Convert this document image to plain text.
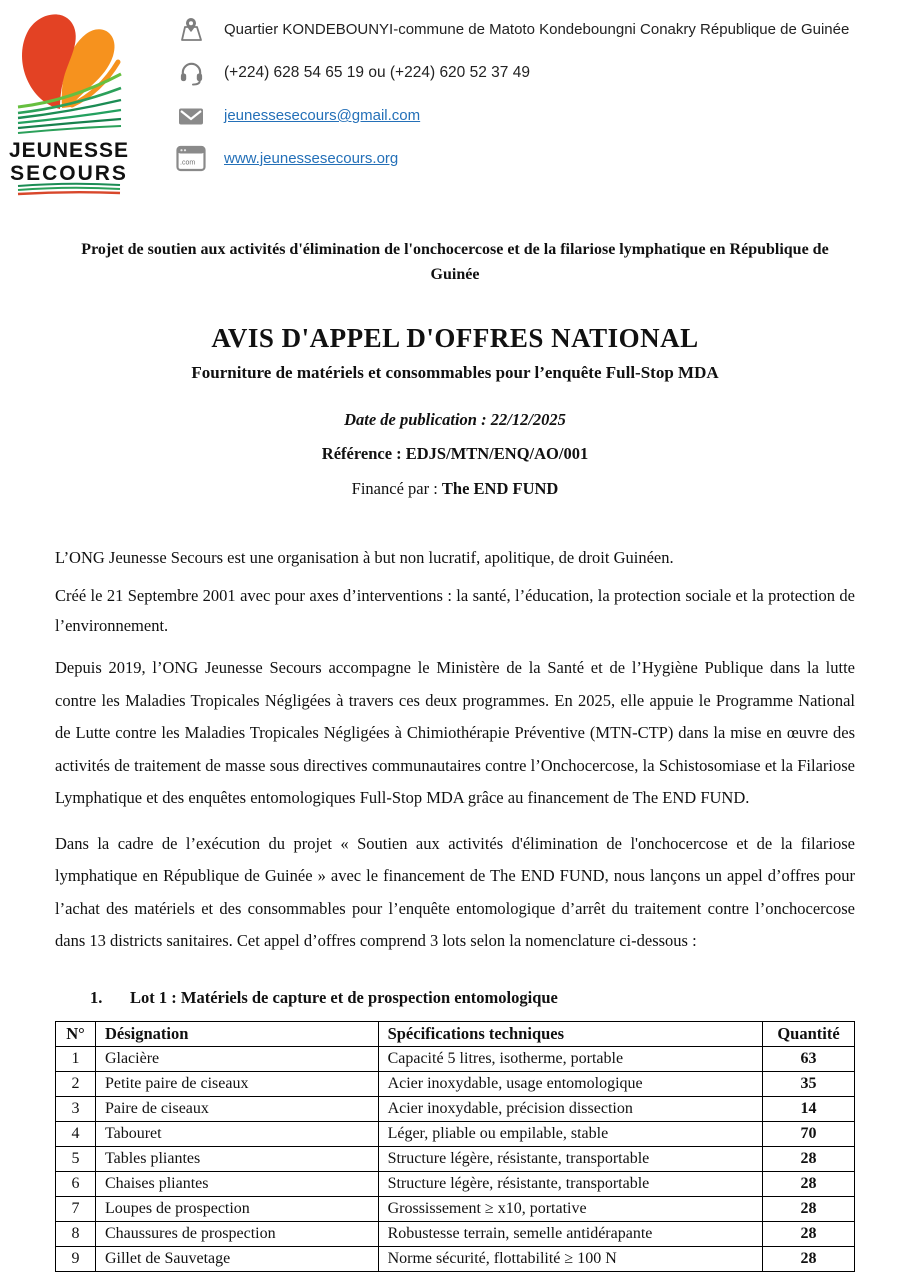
JEUNESSE
SECOURS
Quartier KONDEBOUNYI-commune de Matoto Kondeboungni Conakry République de Guinée
(+224) 628 54 65 19 ou (+224) 620 52 37 49
jeunessesecours@gmail.com
.com www.jeunessesecours.org
Projet de soutien aux activités d'élimination de l'onchocercose et de la filariose lymphatique en République de Guinée
AVIS D'APPEL D'OFFRES NATIONAL
Fourniture de matériels et consommables pour l’enquête Full-Stop MDA
Date de publication : 22/12/2025
Référence : EDJS/MTN/ENQ/AO/001
Financé par : The END FUND

L’ONG Jeunesse Secours est une organisation à but non lucratif, apolitique, de droit Guinéen.

Créé le 21 Septembre 2001 avec pour axes d’interventions : la santé, l’éducation, la protection sociale et la protection de l’environnement.

Depuis 2019, l’ONG Jeunesse Secours accompagne le Ministère de la Santé et de l’Hygiène Publique dans la lutte contre les Maladies Tropicales Négligées à travers ces deux programmes. En 2025, elle appuie le Programme National de Lutte contre les Maladies Tropicales Négligées à Chimiothérapie Préventive (MTN-CTP) dans la mise en œuvre des activités de traitement de masse sous directives communautaires contre l’Onchocercose, la Schistosomiase et la Filariose Lymphatique et des enquêtes entomologiques Full-Stop MDA grâce au financement de The END FUND.

Dans la cadre de l’exécution du projet « Soutien aux activités d'élimination de l'onchocercose et de la filariose lymphatique en République de Guinée » avec le financement de The END FUND, nous lançons un appel d’offres pour l’achat des matériels et des consommables pour l’enquête entomologique d’arrêt du traitement contre l’onchocercose dans 13 districts sanitaires. Cet appel d’offres comprend 3 lots selon la nomenclature ci-dessous :

1. Lot 1 : Matériels de capture et de prospection entomologique
N°	Désignation	Spécifications techniques	Quantité
1	Glacière	Capacité 5 litres, isotherme, portable	63
2	Petite paire de ciseaux	Acier inoxydable, usage entomologique	35
3	Paire de ciseaux	Acier inoxydable, précision dissection	14
4	Tabouret	Léger, pliable ou empilable, stable	70
5	Tables pliantes	Structure légère, résistante, transportable	28
6	Chaises pliantes	Structure légère, résistante, transportable	28
7	Loupes de prospection	Grossissement ≥ x10, portative	28
8	Chaussures de prospection	Robustesse terrain, semelle antidérapante	28
9	Gillet de Sauvetage	Norme sécurité, flottabilité ≥ 100 N	28
